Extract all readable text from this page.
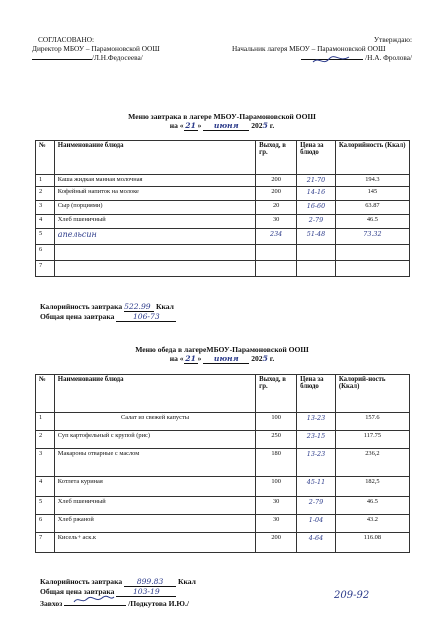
СОГЛАСОВАНО:
Директор МБОУ – Парамоновской ООШ
/Л.Н.Федосеева/
Утверждаю:
Начальник лагеря МБОУ – Парамоновской ООШ
/Н.А. Фролова/
Меню завтрака в лагере МБОУ-Парамоновской ООШ
на « 21 » июня 2025 г.
№	Наименование блюда	Выход, в гр.	Цена за блюдо	Калорийность (Ккал)
1	Каша жидкая манная молочная	200	21-70	194.3
2	Кофейный напиток на молоке	200	14-16	145
3	Сыр (порциями)	20	16-60	63.87
4	Хлеб пшеничный	30	2-79	46.5
5	апельсин	234	51-48	73.32
6				
7				
Калорийность завтрака 522.99 Ккал
Общая цена завтрака 106-73
Меню обеда в лагереМБОУ-Парамоновской ООШ
на « 21 » июня 2025 г.
№	Наименование блюда	Выход, в гр.	Цена за блюдо	Калорий-ность (Ккал)
1	Салат из свежей капусты	100	13-23	157.6
2	Суп картофельный с крупой (рис)	250	23-15	117.75
3	Макароны отварные с маслом	180	13-23	236,2
4	Котлета куриная	100	45-11	182,5
5	Хлеб пшеничный	30	2-79	46.5
6	Хлеб ржаной	30	1-04	43.2
7	Кисель+ аск.к	200	4-64	116.08
Калорийность завтрака 899.83 Ккал
Общая цена завтрака 103-19
Завхоз	/Подкутова И.Ю./
209-92
